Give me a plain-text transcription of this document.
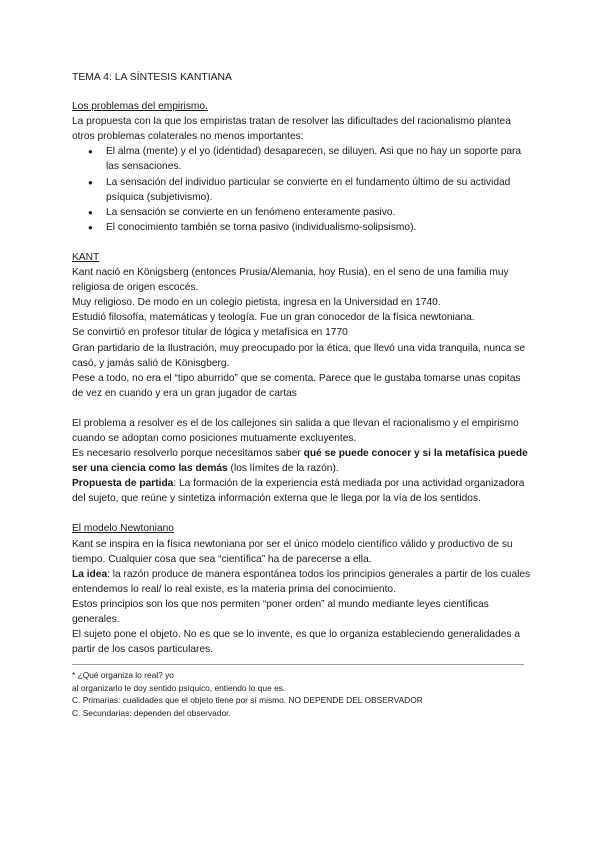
TEMA 4: LA SÍNTESIS KANTIANA

Los problemas del empirismo.

La propuesta con la que los empiristas tratan de resolver las dificultades del racionalismo plantea otros problemas colaterales no menos importantes:

● El alma (mente) y el yo (identidad) desaparecen, se diluyen. Asi que no hay un soporte para las sensaciones.
● La sensación del individuo particular se convierte en el fundamento último de su actividad psíquica (subjetivismo).
● La sensación se convierte en un fenómeno enteramente pasivo.
● El conocimiento también se torna pasivo (individualismo-solipsismo).

KANT

Kant nació en Königsberg (entonces Prusia/Alemania, hoy Rusia), en el seno de una familia muy religiosa de origen escocés.

Muy religioso. De modo en un colegio pietista, ingresa en la Universidad en 1740.

Estudió filosofía, matemáticas y teología. Fue un gran conocedor de la física newtoniana.

Se convirtió en profesor titular de lógica y metafísica en 1770

Gran partidario de la Ilustración, muy preocupado por la ética, que llevó una vida tranquila, nunca se casó, y jamás salió de Könisgberg.

Pese a todo, no era el “tipo aburrido” que se comenta. Parece que le gustaba tomarse unas copitas de vez en cuando y era un gran jugador de cartas

El problema a resolver es el de los callejones sin salida a que llevan el racionalismo y el empirismo cuando se adoptan como posiciones mutuamente excluyentes.

Es necesario resolverlo porque necesitamos saber qué se puede conocer y si la metafísica puede ser una ciencia como las demás (los límites de la razón).

Propuesta de partida: La formación de la experiencia está mediada por una actividad organizadora del sujeto, que reúne y sintetiza información externa que le llega por la vía de los sentidos.

El modelo Newtoniano

Kant se inspira en la física newtoniana por ser el único modelo científico válido y productivo de su tiempo. Cualquier cosa que sea “científica” ha de parecerse a ella.

La idea: la razón produce de manera espontánea todos los principios generales a partir de los cuales entendemos lo real/ lo real existe, es la materia prima del conocimiento.

Estos principios son los que nos permiten “poner orden” al mundo mediante leyes científicas generales.

El sujeto pone el objeto. No es que se lo invente, es que lo organiza estableciendo generalidades a partir de los casos particulares.

* ¿Qué organiza lo real? yo

al organizarlo le doy sentido psíquico, entiendo lo que es.

C. Primarias: cualidades que el objeto tiene por sí mismo. NO DEPENDE DEL OBSERVADOR

C. Secundarias: dependen del observador.
